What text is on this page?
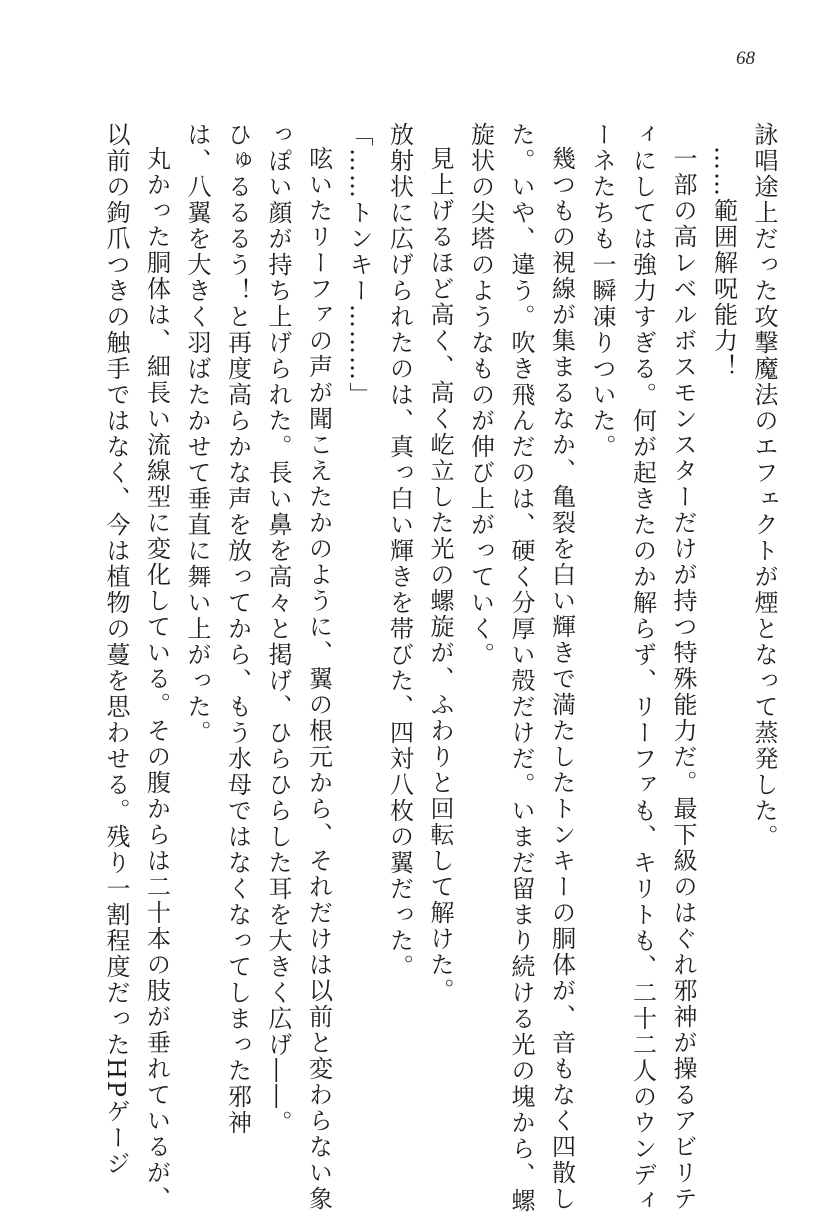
68

詠唱途上だった攻撃魔法のエフェクトが煙となって蒸発した。

……範囲解呪能力！

一部の高レベルボスモンスターだけが持つ特殊能力だ。最下級のはぐれ邪神が操るアビリテ

ィにしては強力すぎる。何が起きたのか解らず、リーファも、キリトも、二十二人のウンディ

ーネたちも一瞬凍りついた。

幾つもの視線が集まるなか、亀裂を白い輝きで満たしたトンキーの胴体が、音もなく四散し

た。いや、違う。吹き飛んだのは、硬く分厚い殻だけだ。いまだ留まり続ける光の塊から、螺

旋状の尖塔のようなものが伸び上がっていく。

見上げるほど高く、高く屹立した光の螺旋が、ふわりと回転して解けた。

放射状に広げられたのは、真っ白い輝きを帯びた、四対八枚の翼だった。

「……トンキー………」

呟いたリーファの声が聞こえたかのように、翼の根元から、それだけは以前と変わらない象

っぽい顔が持ち上げられた。長い鼻を高々と掲げ、ひらひらした耳を大きく広げ――。

ひゅるるるう！と再度高らかな声を放ってから、もう水母ではなくなってしまった邪神

は、八翼を大きく羽ばたかせて垂直に舞い上がった。

丸かった胴体は、細長い流線型に変化している。その腹からは二十本の肢が垂れているが、

以前の鉤爪つきの触手ではなく、今は植物の蔓を思わせる。残り一割程度だったHPゲージ
